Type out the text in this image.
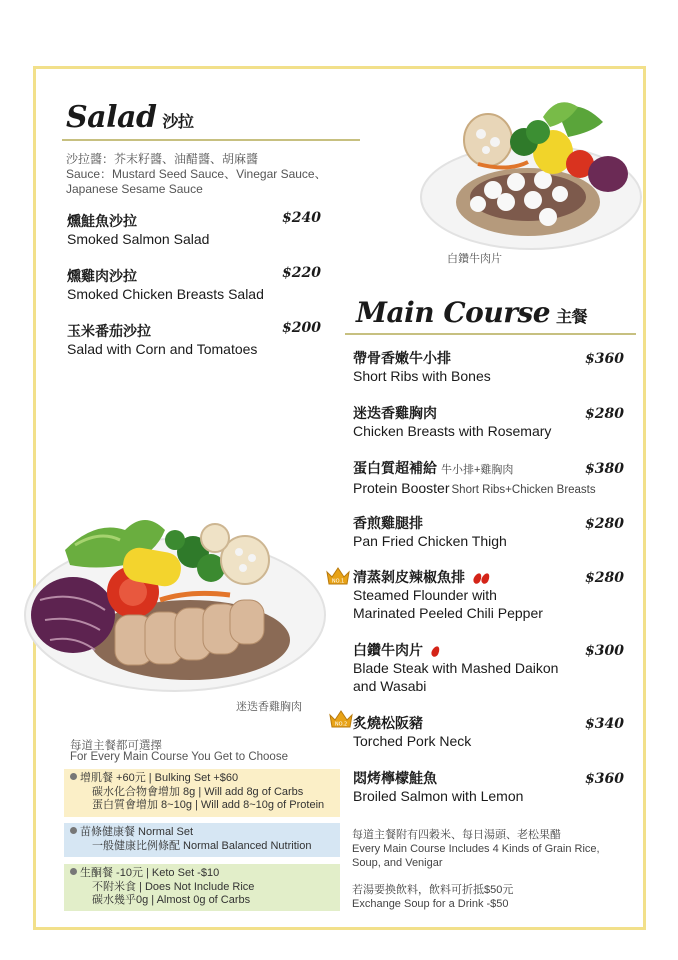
Salad 沙拉
沙拉醬：芥末籽醬、油醋醬、胡麻醬
Sauce：Mustard Seed Sauce、Vinegar Sauce、
Japanese Sesame Sauce
燻鮭魚沙拉
Smoked Salmon Salad
$240
燻雞肉沙拉
Smoked Chicken Breasts Salad
$220
玉米番茄沙拉
Salad with Corn and Tomatoes
$200
白鑽牛肉片
Main Course 主餐
帶骨香嫩牛小排
Short Ribs with Bones
$360
迷迭香雞胸肉
Chicken Breasts with Rosemary
$280
蛋白質超補給 牛小排+雞胸肉
Protein Booster Short Ribs+Chicken Breasts
$380
香煎雞腿排
Pan Fried Chicken Thigh
$280
NO.1 清蒸剝皮辣椒魚排
Steamed Flounder with
Marinated Peeled Chili Pepper
$280
白鑽牛肉片
Blade Steak with Mashed Daikon
and Wasabi
$300
NO.2 炙燒松阪豬
Torched Pork Neck
$340
悶烤檸檬鮭魚
Broiled Salmon with Lemon
$360
迷迭香雞胸肉
每道主餐都可選擇
For Every Main Course You Get to Choose
增肌餐 +60元 | Bulking Set +$60
碳水化合物會增加 8g | Will add 8g of Carbs
蛋白質會增加 8~10g | Will add 8~10g of Protein
苗條健康餐 Normal Set
一般健康比例條配 Normal Balanced Nutrition
生酮餐 -10元 | Keto Set -$10
不附米食 | Does Not Include Rice
碳水幾乎0g | Almost 0g of Carbs
每道主餐附有四穀米、每日湯頭、老松果醋
Every Main Course Includes 4 Kinds of Grain Rice,
Soup, and Venigar
若湯要換飲料，飲料可折抵$50元
Exchange Soup for a Drink -$50
